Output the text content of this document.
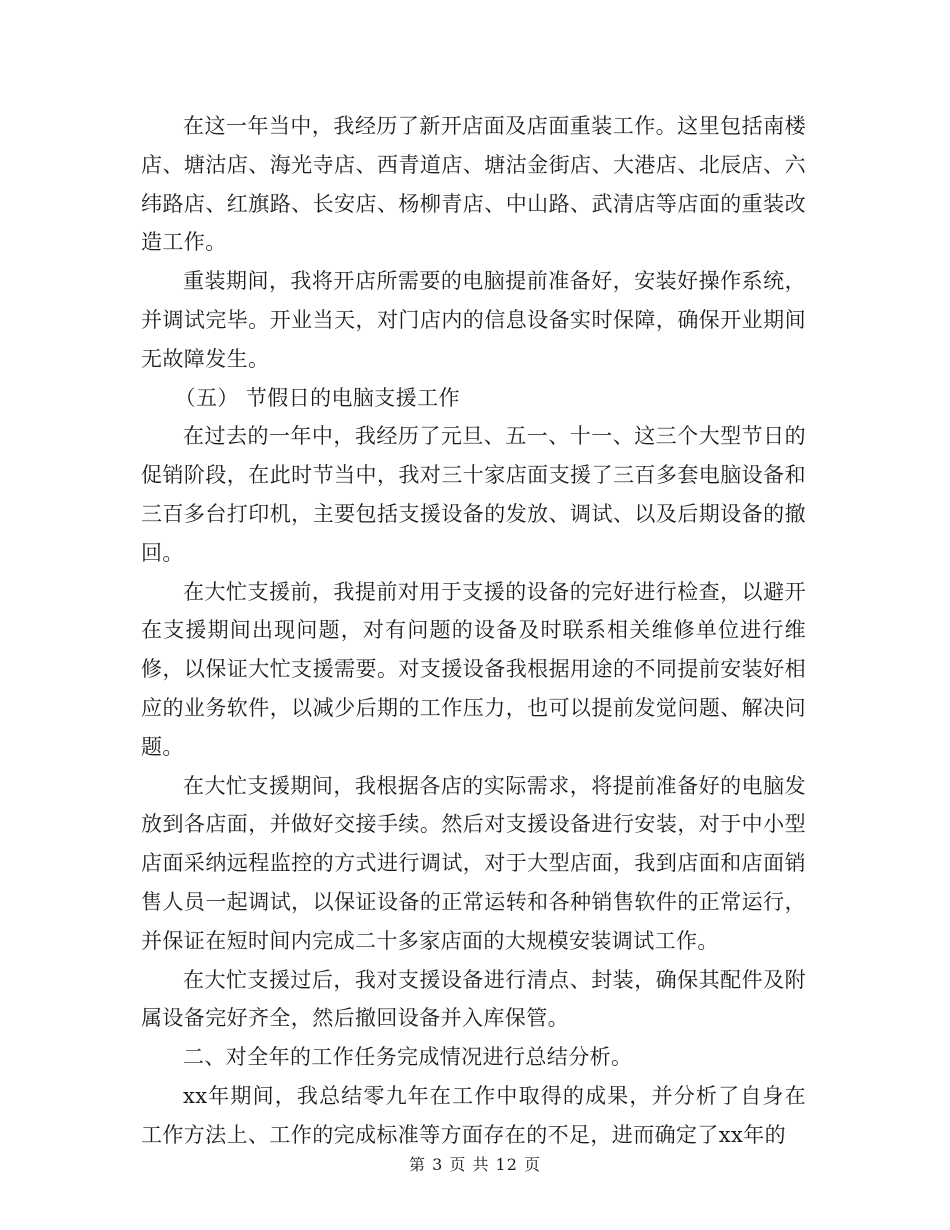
在这一年当中，我经历了新开店面及店面重装工作。这里包括南楼店、塘沽店、海光寺店、西青道店、塘沽金街店、大港店、北辰店、六纬路店、红旗路、长安店、杨柳青店、中山路、武清店等店面的重装改造工作。

重装期间，我将开店所需要的电脑提前准备好，安装好操作系统，并调试完毕。开业当天，对门店内的信息设备实时保障，确保开业期间无故障发生。

（五） 节假日的电脑支援工作

在过去的一年中，我经历了元旦、五一、十一、这三个大型节日的促销阶段，在此时节当中，我对三十家店面支援了三百多套电脑设备和三百多台打印机，主要包括支援设备的发放、调试、以及后期设备的撤回。

在大忙支援前，我提前对用于支援的设备的完好进行检查，以避开在支援期间出现问题，对有问题的设备及时联系相关维修单位进行维修，以保证大忙支援需要。对支援设备我根据用途的不同提前安装好相应的业务软件，以减少后期的工作压力，也可以提前发觉问题、解决问题。

在大忙支援期间，我根据各店的实际需求，将提前准备好的电脑发放到各店面，并做好交接手续。然后对支援设备进行安装，对于中小型店面采纳远程监控的方式进行调试，对于大型店面，我到店面和店面销售人员一起调试，以保证设备的正常运转和各种销售软件的正常运行，并保证在短时间内完成二十多家店面的大规模安装调试工作。

在大忙支援过后，我对支援设备进行清点、封装，确保其配件及附属设备完好齐全，然后撤回设备并入库保管。

二、对全年的工作任务完成情况进行总结分析。

xx年期间，我总结零九年在工作中取得的成果，并分析了自身在工作方法上、工作的完成标准等方面存在的不足，进而确定了xx年的

第 3 页 共 12 页
